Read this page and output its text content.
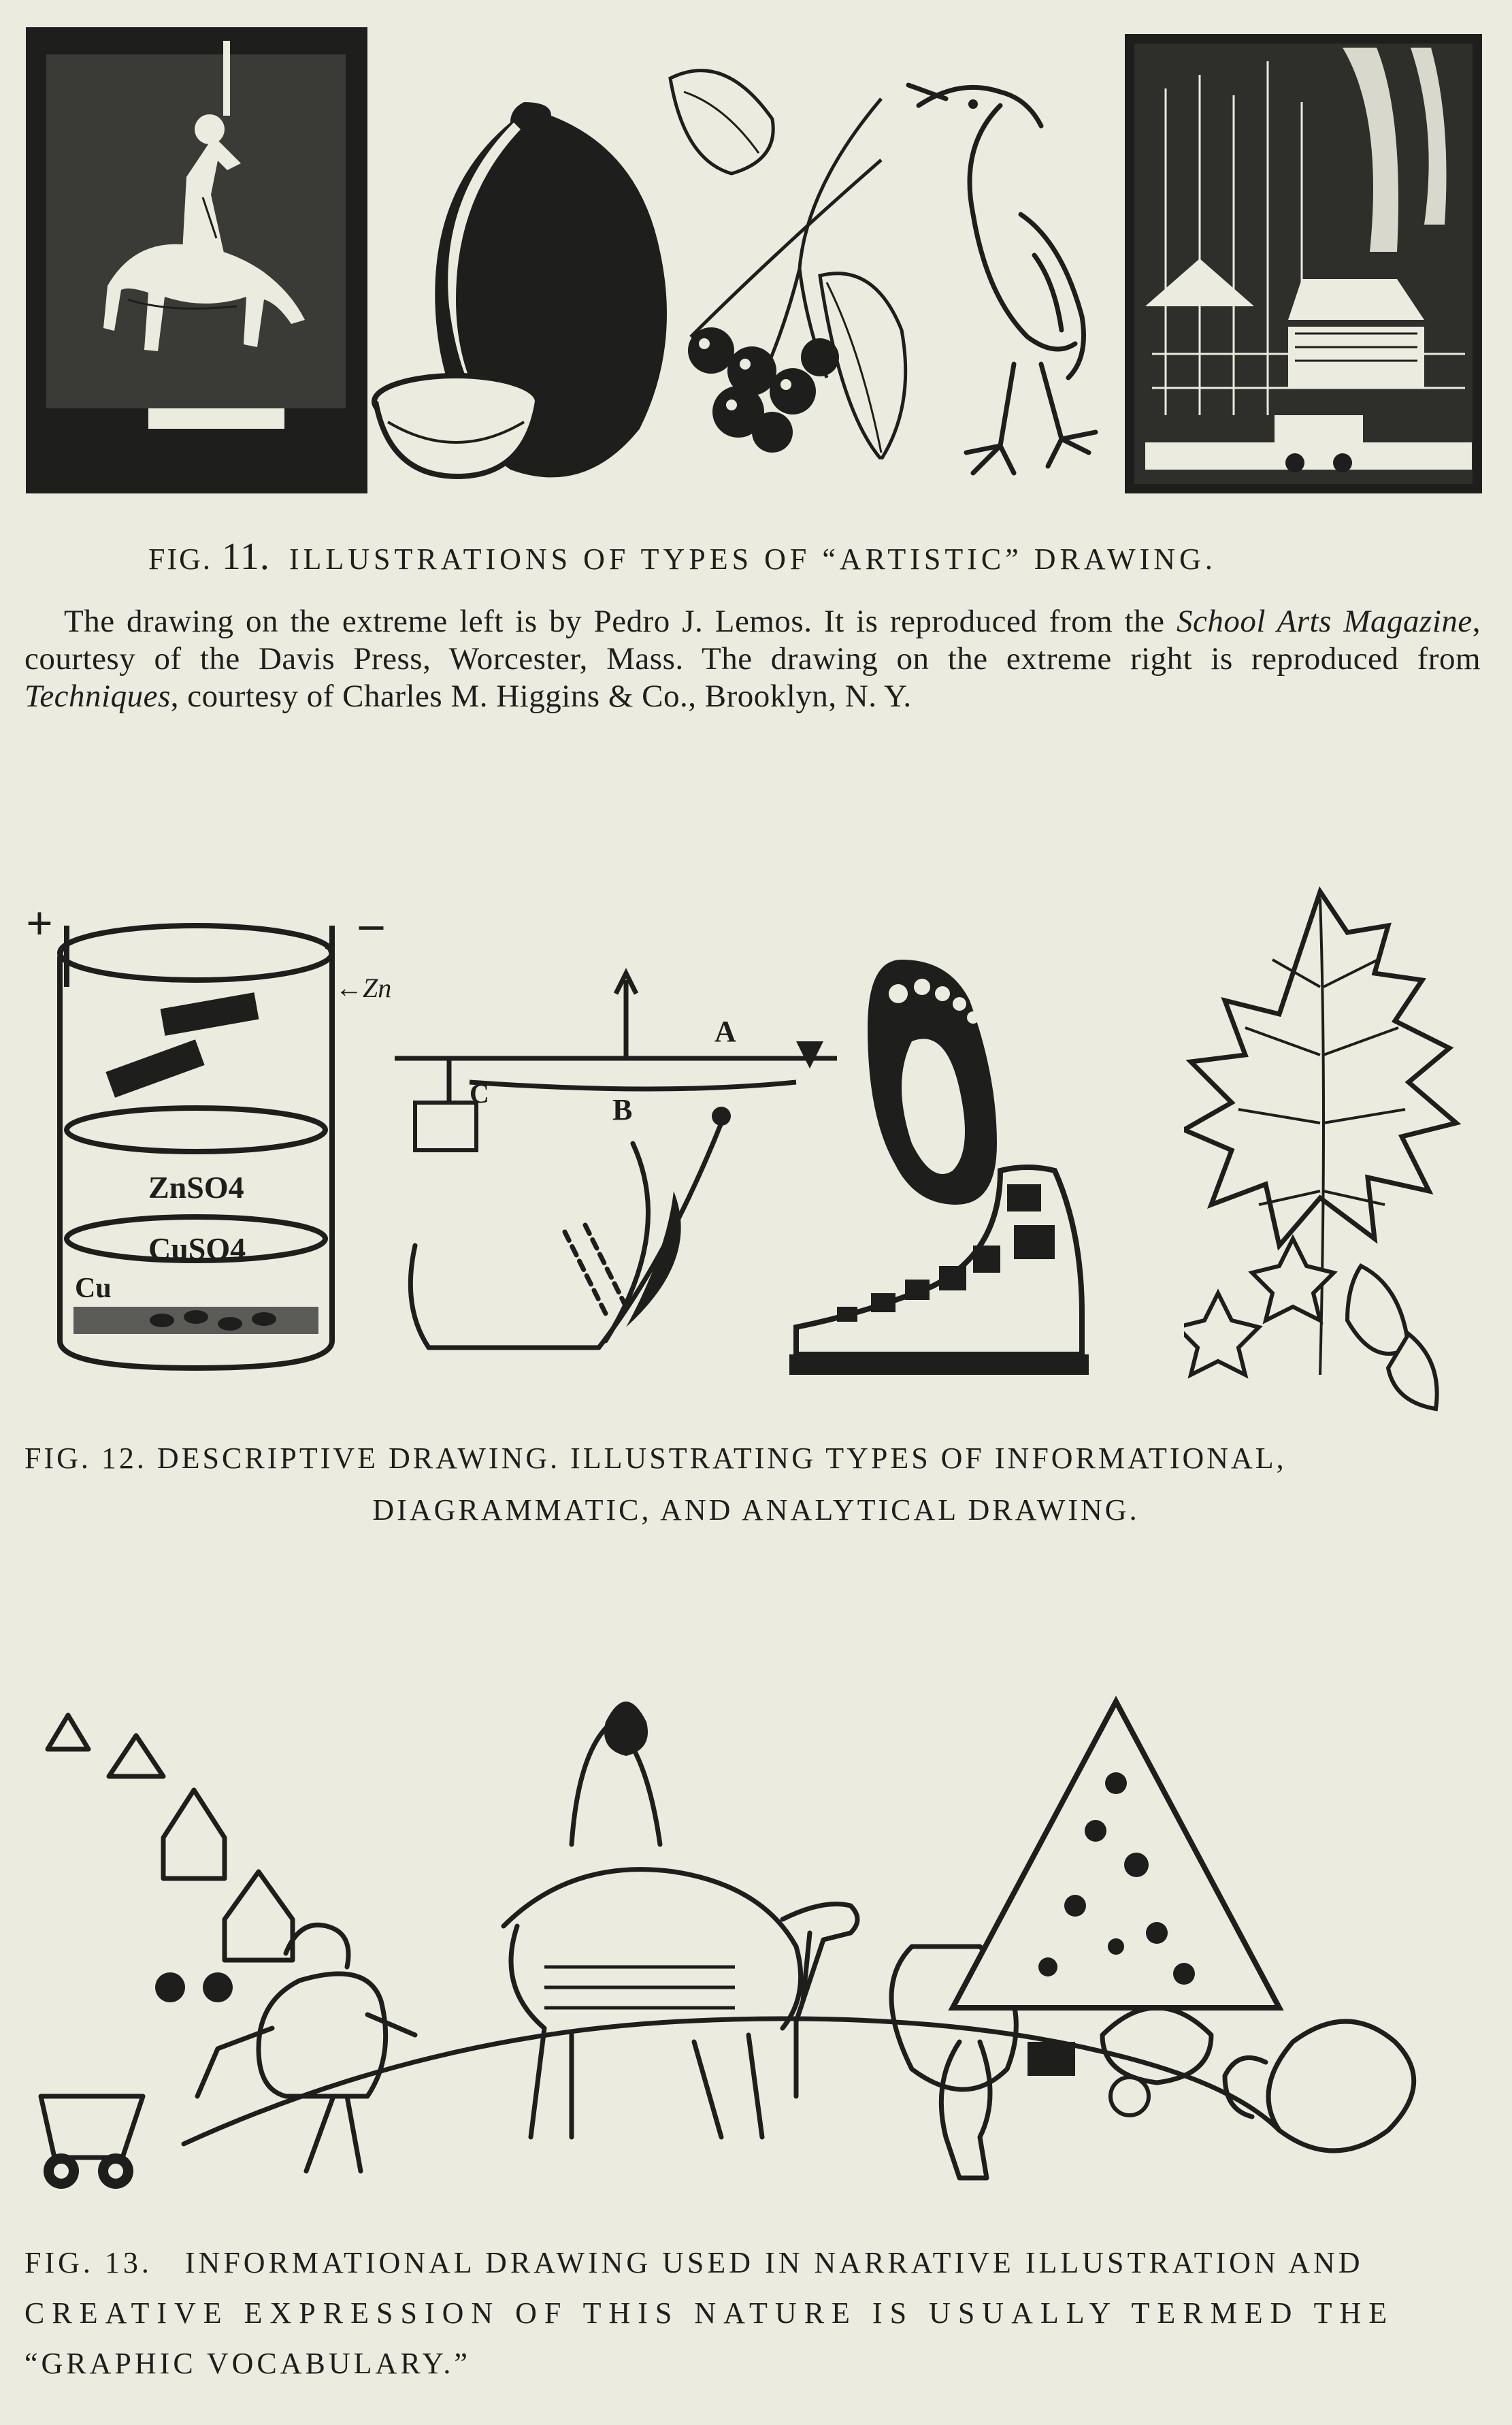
FIG. 11. ILLUSTRATIONS OF TYPES OF “ARTISTIC” DRAWING.

The drawing on the extreme left is by Pedro J. Lemos. It is reproduced from the School Arts Magazine, courtesy of the Davis Press, Worcester, Mass. The drawing on the extreme right is reproduced from Techniques, courtesy of Charles M. Higgins & Co., Brooklyn, N. Y.

+	–
←Zn
ZnSO4
CuSO4
Cu
A
B
C
FIG. 12. DESCRIPTIVE DRAWING. ILLUSTRATING TYPES OF INFORMATIONAL,
DIAGRAMMATIC, AND ANALYTICAL DRAWING.
FIG. 13.   INFORMATIONAL DRAWING USED IN NARRATIVE ILLUSTRATION AND
CREATIVE EXPRESSION OF THIS NATURE IS USUALLY TERMED THE
“GRAPHIC VOCABULARY.”
